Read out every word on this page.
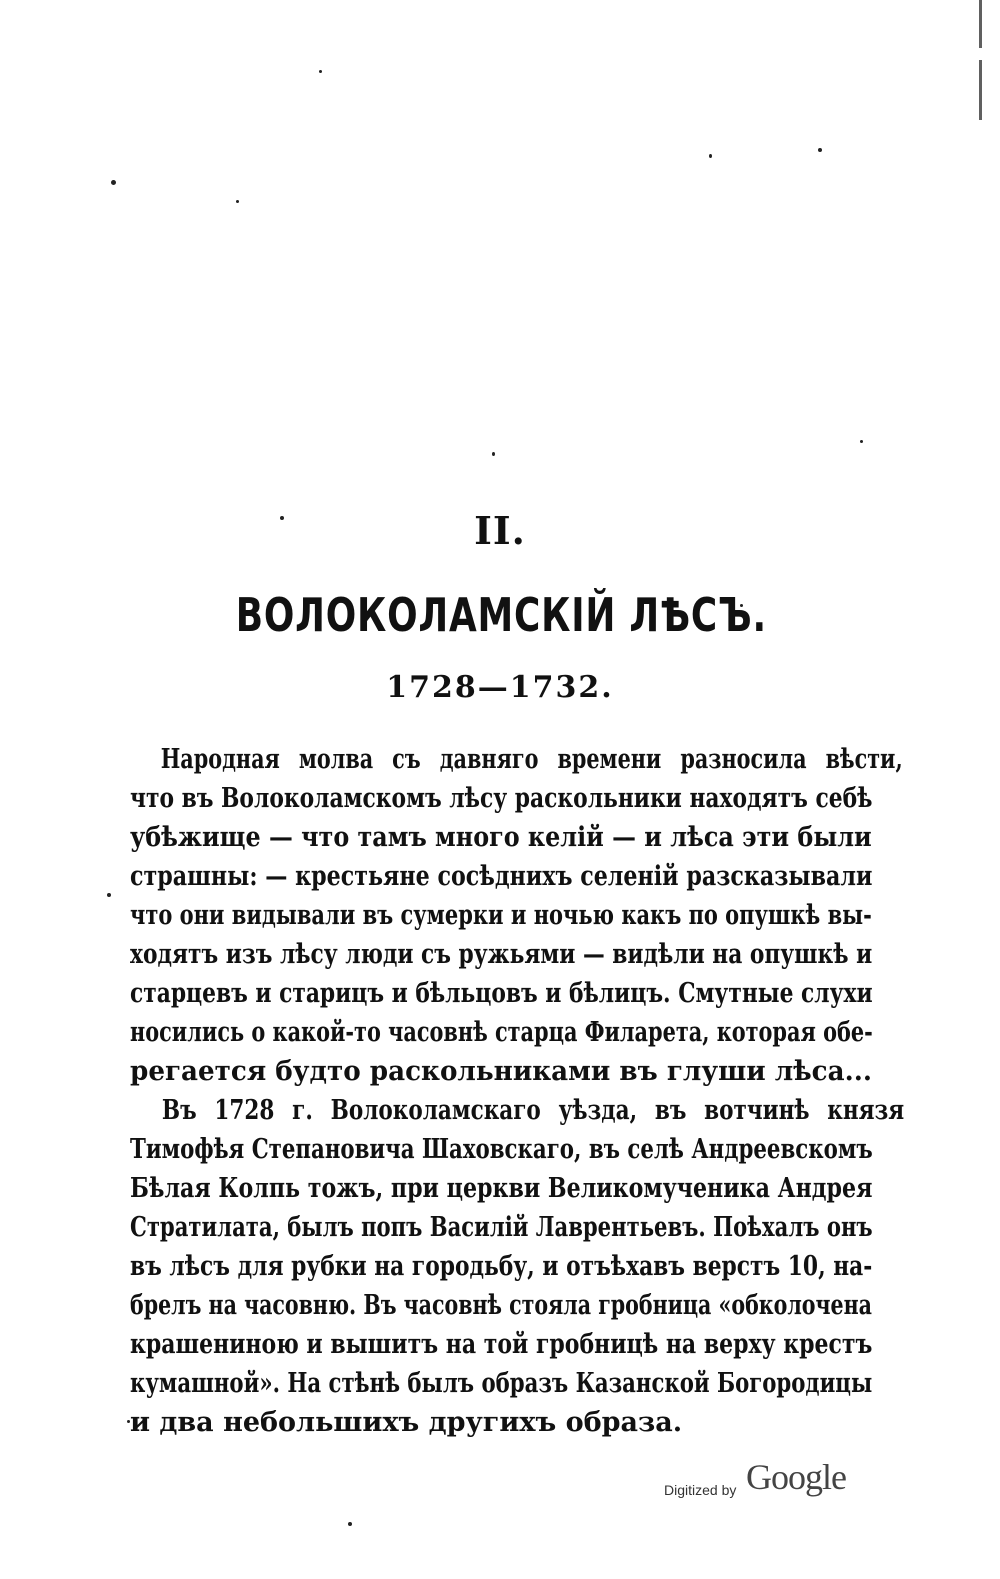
II.
ВОЛОКОЛАМСКІЙ ЛѢСЪ.
1728—1732.
Народная молва съ давняго времени разносила вѣсти,
что въ Волоколамскомъ лѣсу раскольники находятъ себѣ
убѣжище — что тамъ много келій — и лѣса эти были
страшны: — крестьяне сосѣднихъ селеній разсказывали
что они видывали въ сумерки и ночью какъ по опушкѣ вы-
ходятъ изъ лѣсу люди съ ружьями — видѣли на опушкѣ и
старцевъ и старицъ и бѣльцовъ и бѣлицъ. Смутные слухи
носились о какой-то часовнѣ старца Филарета, которая обе-
регается будто раскольниками въ глуши лѣса...
Въ 1728 г. Волоколамскаго уѣзда, въ вотчинѣ князя
Тимофѣя Степановича Шаховскаго, въ селѣ Андреевскомъ
Бѣлая Колпь тожъ, при церкви Великомученика Андрея
Стратилата, былъ попъ Василій Лаврентьевъ. Поѣхалъ онъ
въ лѣсъ для рубки на городьбу, и отъѣхавъ верстъ 10, на-
брелъ на часовню. Въ часовнѣ стояла гробница «обколочена
крашениною и вышитъ на той гробницѣ на верху крестъ
кумашной». На стѣнѣ былъ образъ Казанской Богородицы
и два небольшихъ другихъ образа.
Digitized by Google
